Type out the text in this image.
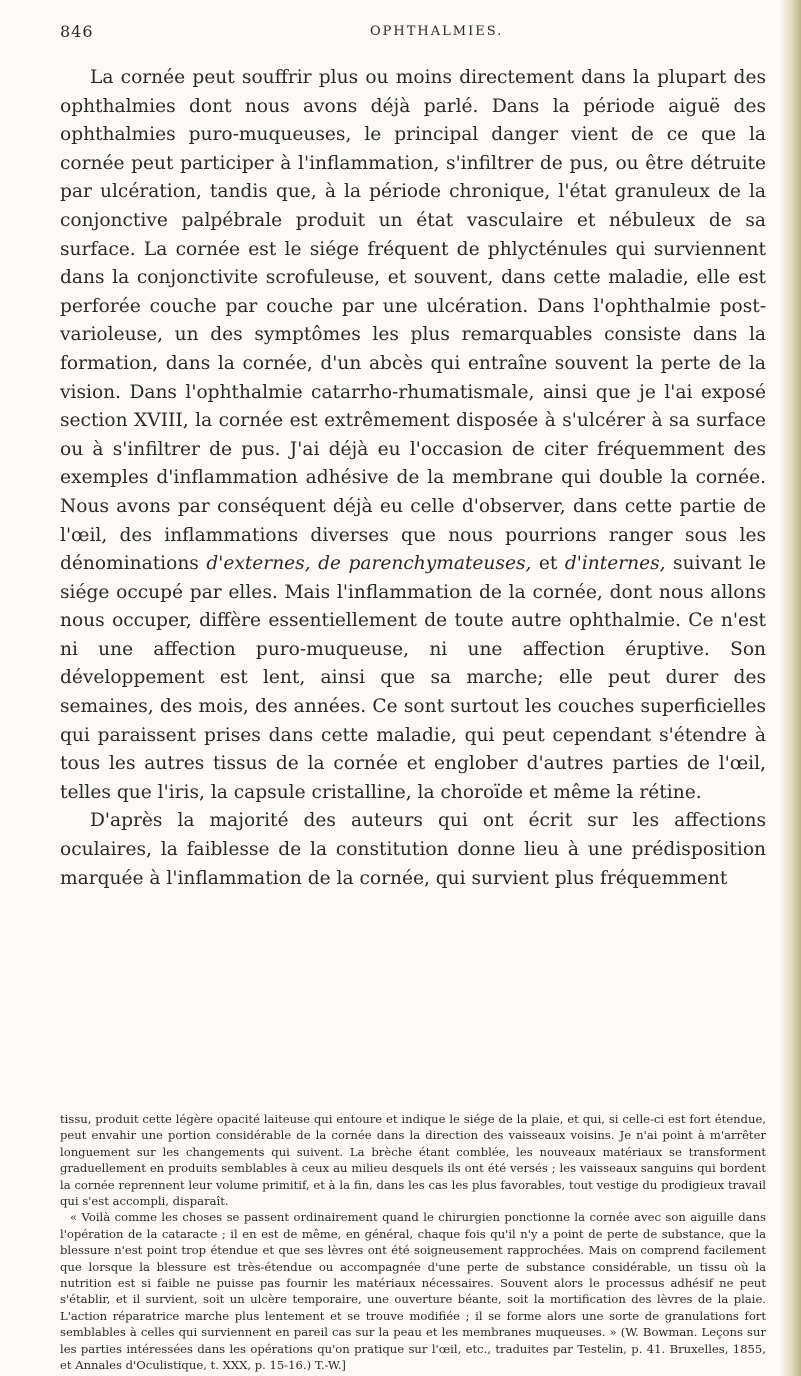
846	OPHTHALMIES.

La cornée peut souffrir plus ou moins directement dans la plupart des ophthalmies dont nous avons déjà parlé. Dans la période aiguë des ophthalmies puro-muqueuses, le principal danger vient de ce que la cornée peut participer à l'inflammation, s'infiltrer de pus, ou être détruite par ulcération, tandis que, à la période chronique, l'état granuleux de la conjonctive palpébrale produit un état vasculaire et nébuleux de sa surface. La cornée est le siége fréquent de phlycténules qui surviennent dans la conjonctivite scrofuleuse, et souvent, dans cette maladie, elle est perforée couche par couche par une ulcération. Dans l'ophthalmie post-varioleuse, un des symptômes les plus remarquables consiste dans la formation, dans la cornée, d'un abcès qui entraîne souvent la perte de la vision. Dans l'ophthalmie catarrho-rhumatismale, ainsi que je l'ai exposé section XVIII, la cornée est extrêmement disposée à s'ulcérer à sa surface ou à s'infiltrer de pus. J'ai déjà eu l'occasion de citer fréquemment des exemples d'inflammation adhésive de la membrane qui double la cornée. Nous avons par conséquent déjà eu celle d'observer, dans cette partie de l'œil, des inflammations diverses que nous pourrions ranger sous les dénominations d'externes, de parenchymateuses, et d'internes, suivant le siége occupé par elles. Mais l'inflammation de la cornée, dont nous allons nous occuper, diffère essentiellement de toute autre ophthalmie. Ce n'est ni une affection puro-muqueuse, ni une affection éruptive. Son développement est lent, ainsi que sa marche; elle peut durer des semaines, des mois, des années. Ce sont surtout les couches superficielles qui paraissent prises dans cette maladie, qui peut cependant s'étendre à tous les autres tissus de la cornée et englober d'autres parties de l'œil, telles que l'iris, la capsule cristalline, la choroïde et même la rétine.

D'après la majorité des auteurs qui ont écrit sur les affections oculaires, la faiblesse de la constitution donne lieu à une prédisposition marquée à l'inflammation de la cornée, qui survient plus fréquemment

tissu, produit cette légère opacité laiteuse qui entoure et indique le siége de la plaie, et qui, si celle-ci est fort étendue, peut envahir une portion considérable de la cornée dans la direction des vaisseaux voisins. Je n'ai point à m'arrêter longuement sur les changements qui suivent. La brèche étant comblée, les nouveaux matériaux se transforment graduellement en produits semblables à ceux au milieu desquels ils ont été versés ; les vaisseaux sanguins qui bordent la cornée reprennent leur volume primitif, et à la fin, dans les cas les plus favorables, tout vestige du prodigieux travail qui s'est accompli, disparaît.

« Voilà comme les choses se passent ordinairement quand le chirurgien ponctionne la cornée avec son aiguille dans l'opération de la cataracte ; il en est de même, en général, chaque fois qu'il n'y a point de perte de substance, que la blessure n'est point trop étendue et que ses lèvres ont été soigneusement rapprochées. Mais on comprend facilement que lorsque la blessure est très-étendue ou accompagnée d'une perte de substance considérable, un tissu où la nutrition est si faible ne puisse pas fournir les matériaux nécessaires. Souvent alors le processus adhésif ne peut s'établir, et il survient, soit un ulcère temporaire, une ouverture béante, soit la mortification des lèvres de la plaie. L'action réparatrice marche plus lentement et se trouve modifiée ; il se forme alors une sorte de granulations fort semblables à celles qui surviennent en pareil cas sur la peau et les membranes muqueuses. » (W. Bowman. Leçons sur les parties intéressées dans les opérations qu'on pratique sur l'œil, etc., traduites par Testelin, p. 41. Bruxelles, 1855, et Annales d'Oculistique, t. XXX, p. 15-16.) T.-W.]
